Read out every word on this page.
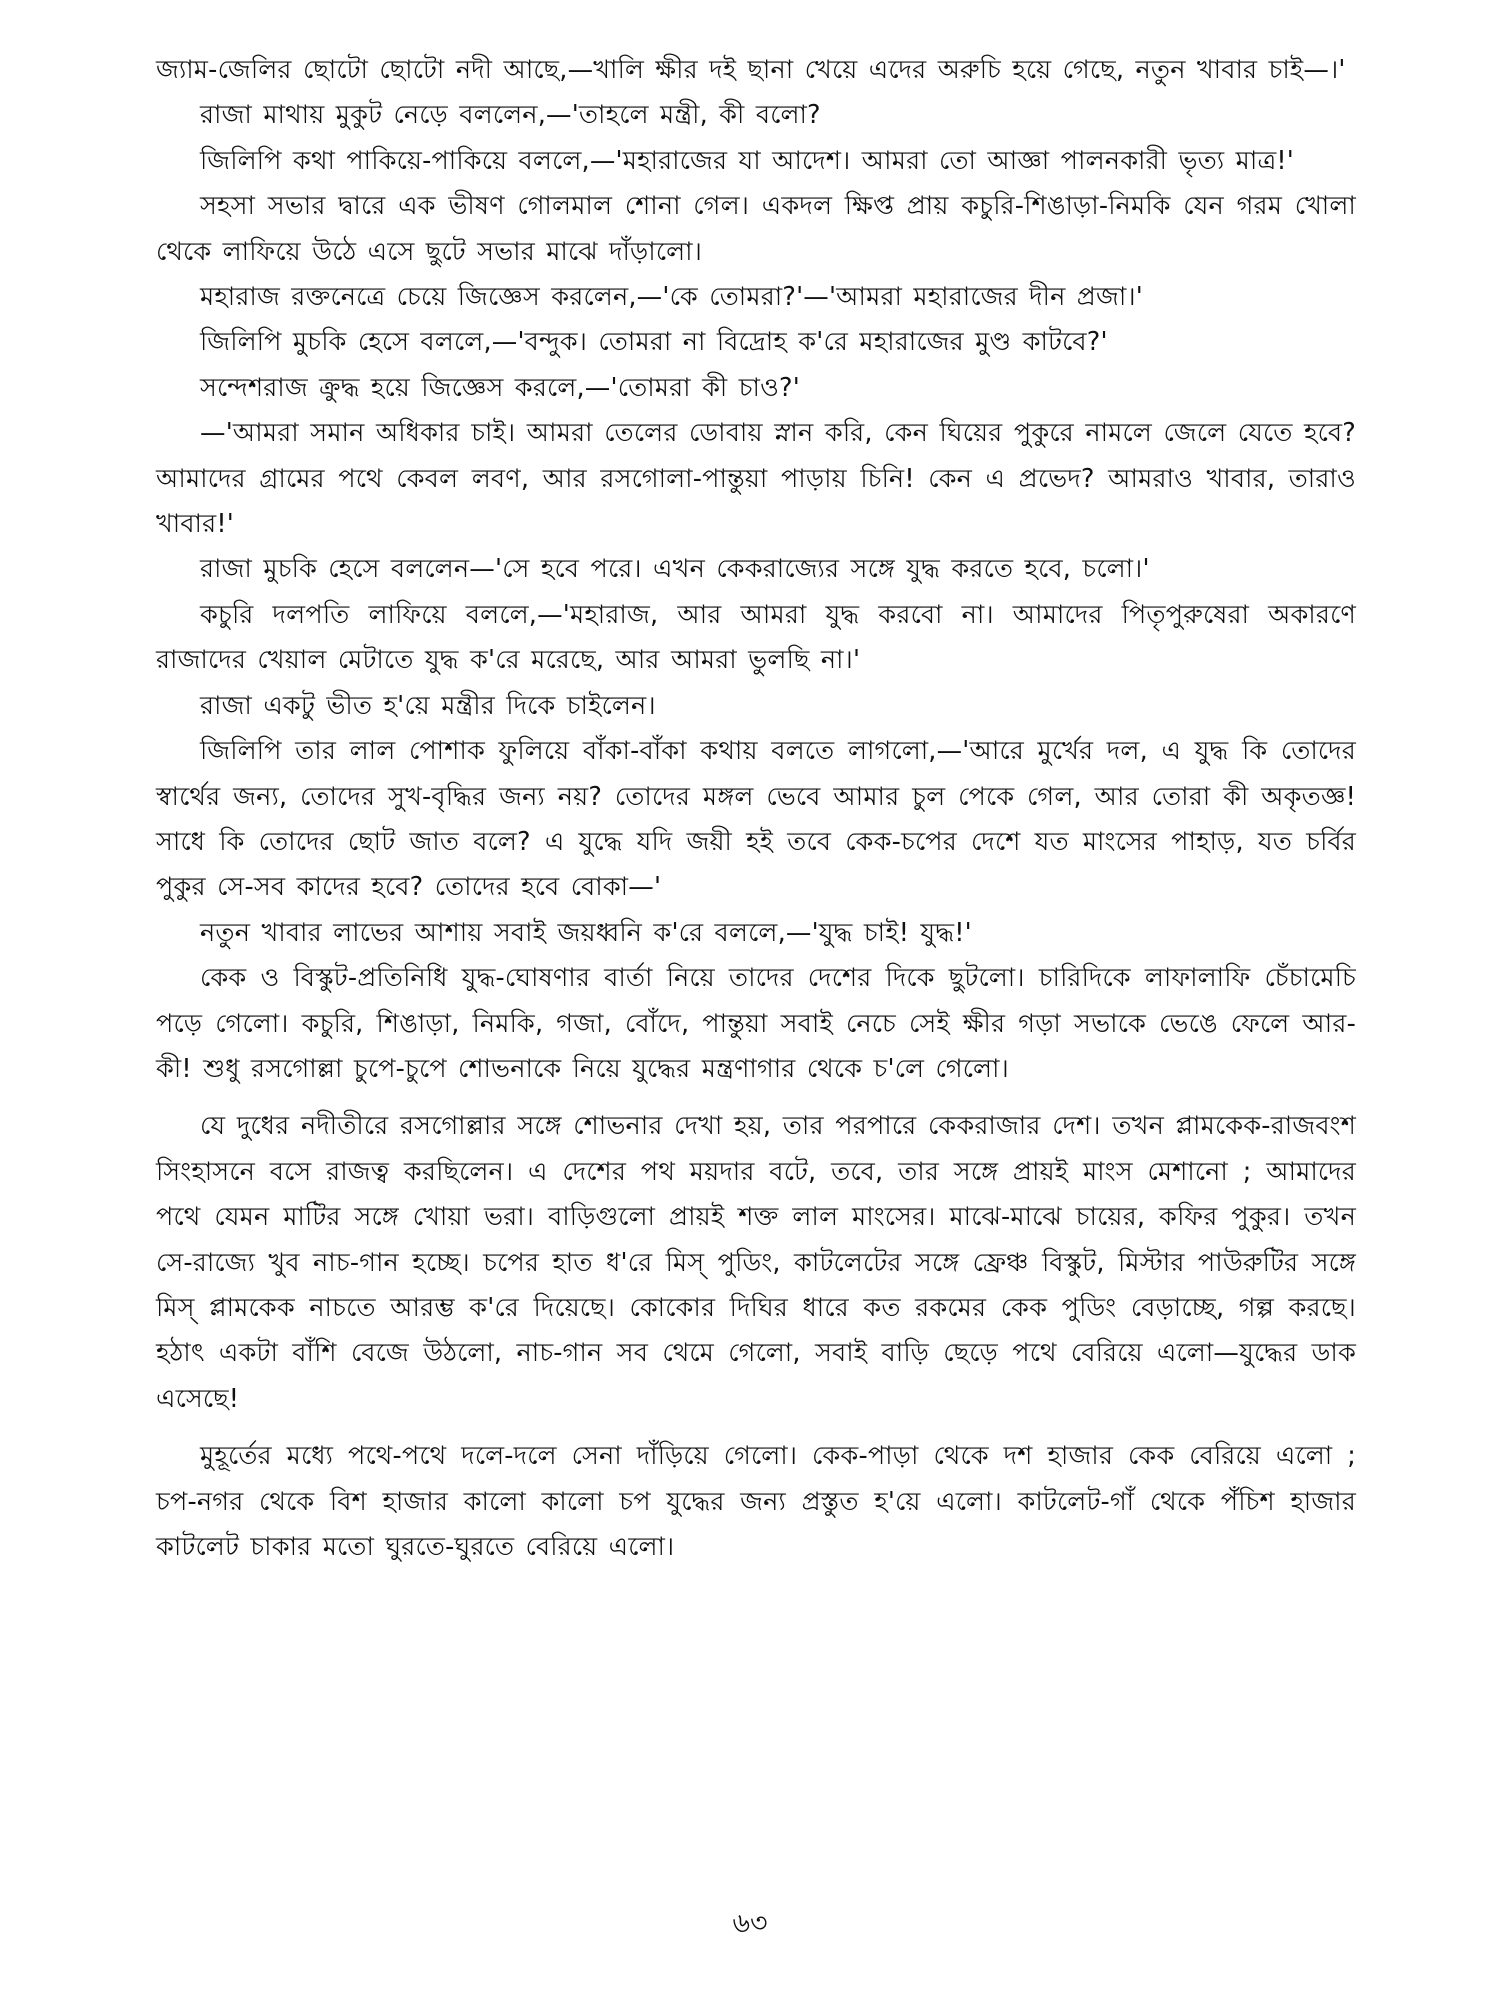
জ্যাম-জেলির ছোটো ছোটো নদী আছে,—খালি ক্ষীর দই ছানা খেয়ে এদের অরুচি হয়ে গেছে, নতুন খাবার চাই—।'

রাজা মাথায় মুকুট নেড়ে বললেন,—'তাহলে মন্ত্রী, কী বলো?

জিলিপি কথা পাকিয়ে-পাকিয়ে বললে,—'মহারাজের যা আদেশ। আমরা তো আজ্ঞা পালনকারী ভৃত্য মাত্র!'

সহসা সভার দ্বারে এক ভীষণ গোলমাল শোনা গেল। একদল ক্ষিপ্ত প্রায় কচুরি-শিঙাড়া-নিমকি যেন গরম খোলা থেকে লাফিয়ে উঠে এসে ছুটে সভার মাঝে দাঁড়ালো।

মহারাজ রক্তনেত্রে চেয়ে জিজ্ঞেস করলেন,—'কে তোমরা?'—'আমরা মহারাজের দীন প্রজা।'

জিলিপি মুচকি হেসে বললে,—'বন্দুক। তোমরা না বিদ্রোহ ক'রে মহারাজের মুণ্ড কাটবে?'

সন্দেশরাজ ক্রুদ্ধ হয়ে জিজ্ঞেস করলে,—'তোমরা কী চাও?'

—'আমরা সমান অধিকার চাই। আমরা তেলের ডোবায় স্নান করি, কেন ঘিয়ের পুকুরে নামলে জেলে যেতে হবে? আমাদের গ্রামের পথে কেবল লবণ, আর রসগোলা-পান্তুয়া পাড়ায় চিনি! কেন এ প্রভেদ? আমরাও খাবার, তারাও খাবার!'

রাজা মুচকি হেসে বললেন—'সে হবে পরে। এখন কেকরাজ্যের সঙ্গে যুদ্ধ করতে হবে, চলো।'

কচুরি দলপতি লাফিয়ে বললে,—'মহারাজ, আর আমরা যুদ্ধ করবো না। আমাদের পিতৃপুরুষেরা অকারণে রাজাদের খেয়াল মেটাতে যুদ্ধ ক'রে মরেছে, আর আমরা ভুলছি না।'

রাজা একটু ভীত হ'য়ে মন্ত্রীর দিকে চাইলেন।

জিলিপি তার লাল পোশাক ফুলিয়ে বাঁকা-বাঁকা কথায় বলতে লাগলো,—'আরে মুর্খের দল, এ যুদ্ধ কি তোদের স্বার্থের জন্য, তোদের সুখ-বৃদ্ধির জন্য নয়? তোদের মঙ্গল ভেবে আমার চুল পেকে গেল, আর তোরা কী অকৃতজ্ঞ! সাধে কি তোদের ছোট জাত বলে? এ যুদ্ধে যদি জয়ী হই তবে কেক-চপের দেশে যত মাংসের পাহাড়, যত চর্বির পুকুর সে-সব কাদের হবে? তোদের হবে বোকা—'

নতুন খাবার লাভের আশায় সবাই জয়ধ্বনি ক'রে বললে,—'যুদ্ধ চাই! যুদ্ধ!'

কেক ও বিস্কুট-প্রতিনিধি যুদ্ধ-ঘোষণার বার্তা নিয়ে তাদের দেশের দিকে ছুটলো। চারিদিকে লাফালাফি চেঁচামেচি পড়ে গেলো। কচুরি, শিঙাড়া, নিমকি, গজা, বোঁদে, পান্তুয়া সবাই নেচে সেই ক্ষীর গড়া সভাকে ভেঙে ফেলে আর-কী! শুধু রসগোল্লা চুপে-চুপে শোভনাকে নিয়ে যুদ্ধের মন্ত্রণাগার থেকে চ'লে গেলো।

যে দুধের নদীতীরে রসগোল্লার সঙ্গে শোভনার দেখা হয়, তার পরপারে কেকরাজার দেশ। তখন প্লামকেক-রাজবংশ সিংহাসনে বসে রাজত্ব করছিলেন। এ দেশের পথ ময়দার বটে, তবে, তার সঙ্গে প্রায়ই মাংস মেশানো ; আমাদের পথে যেমন মাটির সঙ্গে খোয়া ভরা। বাড়িগুলো প্রায়ই শক্ত লাল মাংসের। মাঝে-মাঝে চায়ের, কফির পুকুর। তখন সে-রাজ্যে খুব নাচ-গান হচ্ছে। চপের হাত ধ'রে মিস্ পুডিং, কাটলেটের সঙ্গে ফ্রেঞ্চ বিস্কুট, মিস্টার পাউরুটির সঙ্গে মিস্ প্লামকেক নাচতে আরম্ভ ক'রে দিয়েছে। কোকোর দিঘির ধারে কত রকমের কেক পুডিং বেড়াচ্ছে, গল্প করছে। হঠাৎ একটা বাঁশি বেজে উঠলো, নাচ-গান সব থেমে গেলো, সবাই বাড়ি ছেড়ে পথে বেরিয়ে এলো—যুদ্ধের ডাক এসেছে!

মুহূর্তের মধ্যে পথে-পথে দলে-দলে সেনা দাঁড়িয়ে গেলো। কেক-পাড়া থেকে দশ হাজার কেক বেরিয়ে এলো ; চপ-নগর থেকে বিশ হাজার কালো কালো চপ যুদ্ধের জন্য প্রস্তুত হ'য়ে এলো। কাটলেট-গাঁ থেকে পঁচিশ হাজার কাটলেট চাকার মতো ঘুরতে-ঘুরতে বেরিয়ে এলো।

৬৩
